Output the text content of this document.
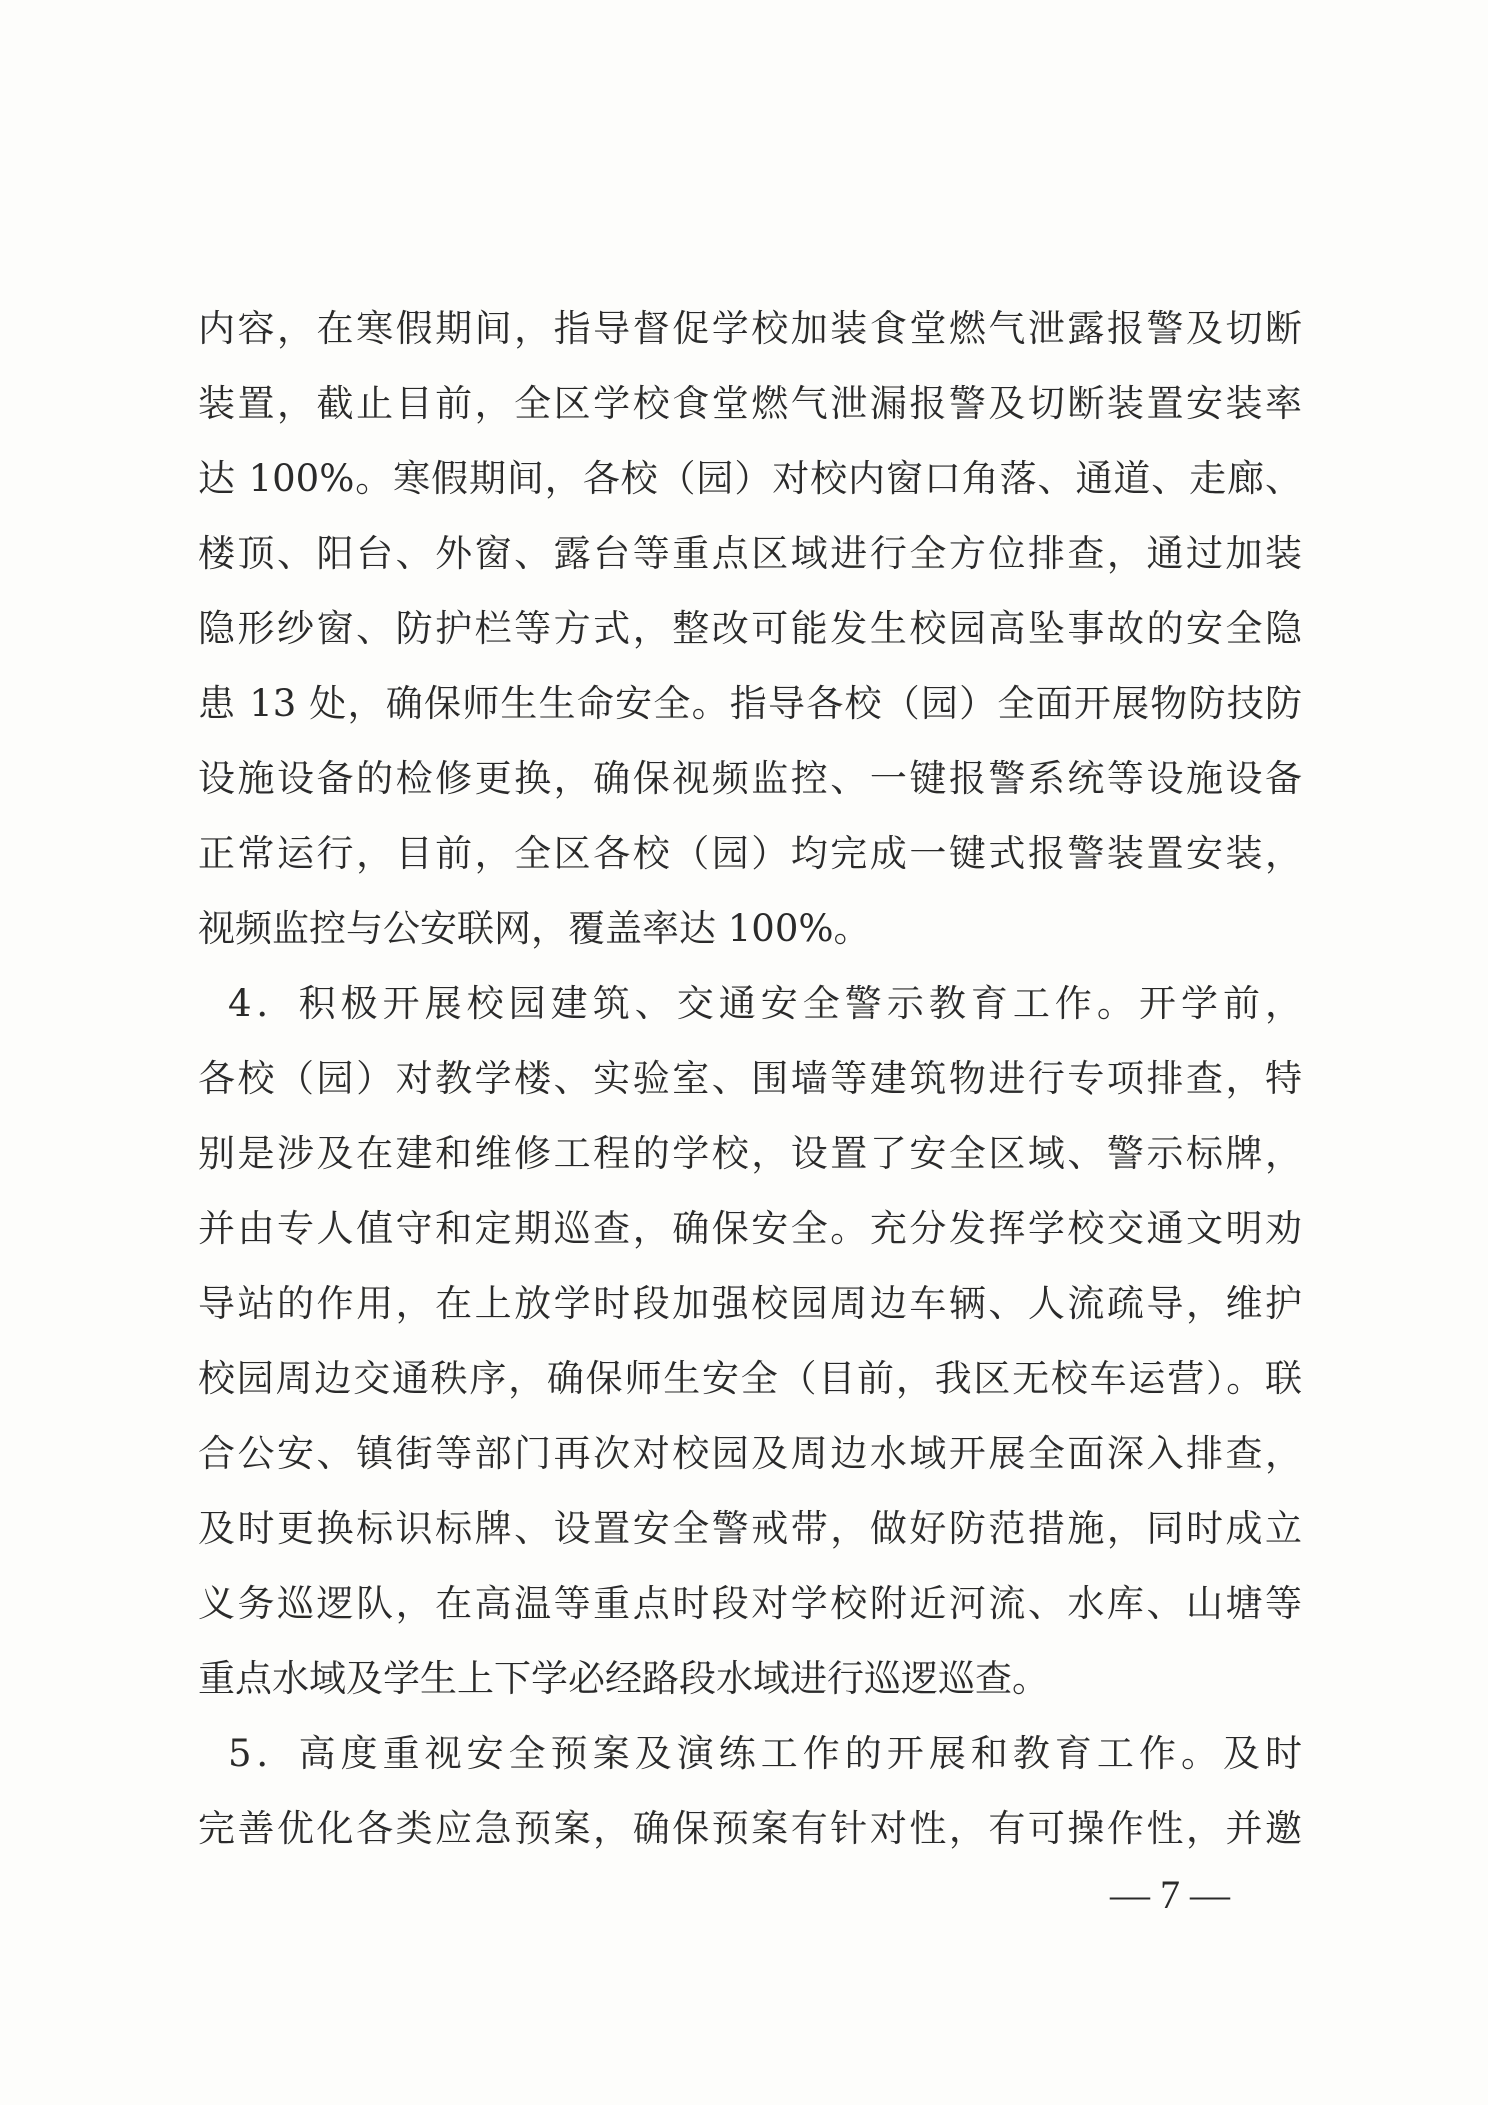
内容，在寒假期间，指导督促学校加装食堂燃气泄露报警及切断
装置，截止目前，全区学校食堂燃气泄漏报警及切断装置安装率
达 100%。寒假期间，各校（园）对校内窗口角落、通道、走廊、
楼顶、阳台、外窗、露台等重点区域进行全方位排查，通过加装
隐形纱窗、防护栏等方式，整改可能发生校园高坠事故的安全隐
患 13 处，确保师生生命安全。指导各校（园）全面开展物防技防
设施设备的检修更换，确保视频监控、一键报警系统等设施设备
正常运行，目前，全区各校（园）均完成一键式报警装置安装，
视频监控与公安联网，覆盖率达 100%。
4．积极开展校园建筑、交通安全警示教育工作。开学前，
各校（园）对教学楼、实验室、围墙等建筑物进行专项排查，特
别是涉及在建和维修工程的学校，设置了安全区域、警示标牌，
并由专人值守和定期巡查，确保安全。充分发挥学校交通文明劝
导站的作用，在上放学时段加强校园周边车辆、人流疏导，维护
校园周边交通秩序，确保师生安全（目前，我区无校车运营）。联
合公安、镇街等部门再次对校园及周边水域开展全面深入排查，
及时更换标识标牌、设置安全警戒带，做好防范措施，同时成立
义务巡逻队，在高温等重点时段对学校附近河流、水库、山塘等
重点水域及学生上下学必经路段水域进行巡逻巡查。
5．高度重视安全预案及演练工作的开展和教育工作。及时
完善优化各类应急预案，确保预案有针对性，有可操作性，并邀
— 7 —
